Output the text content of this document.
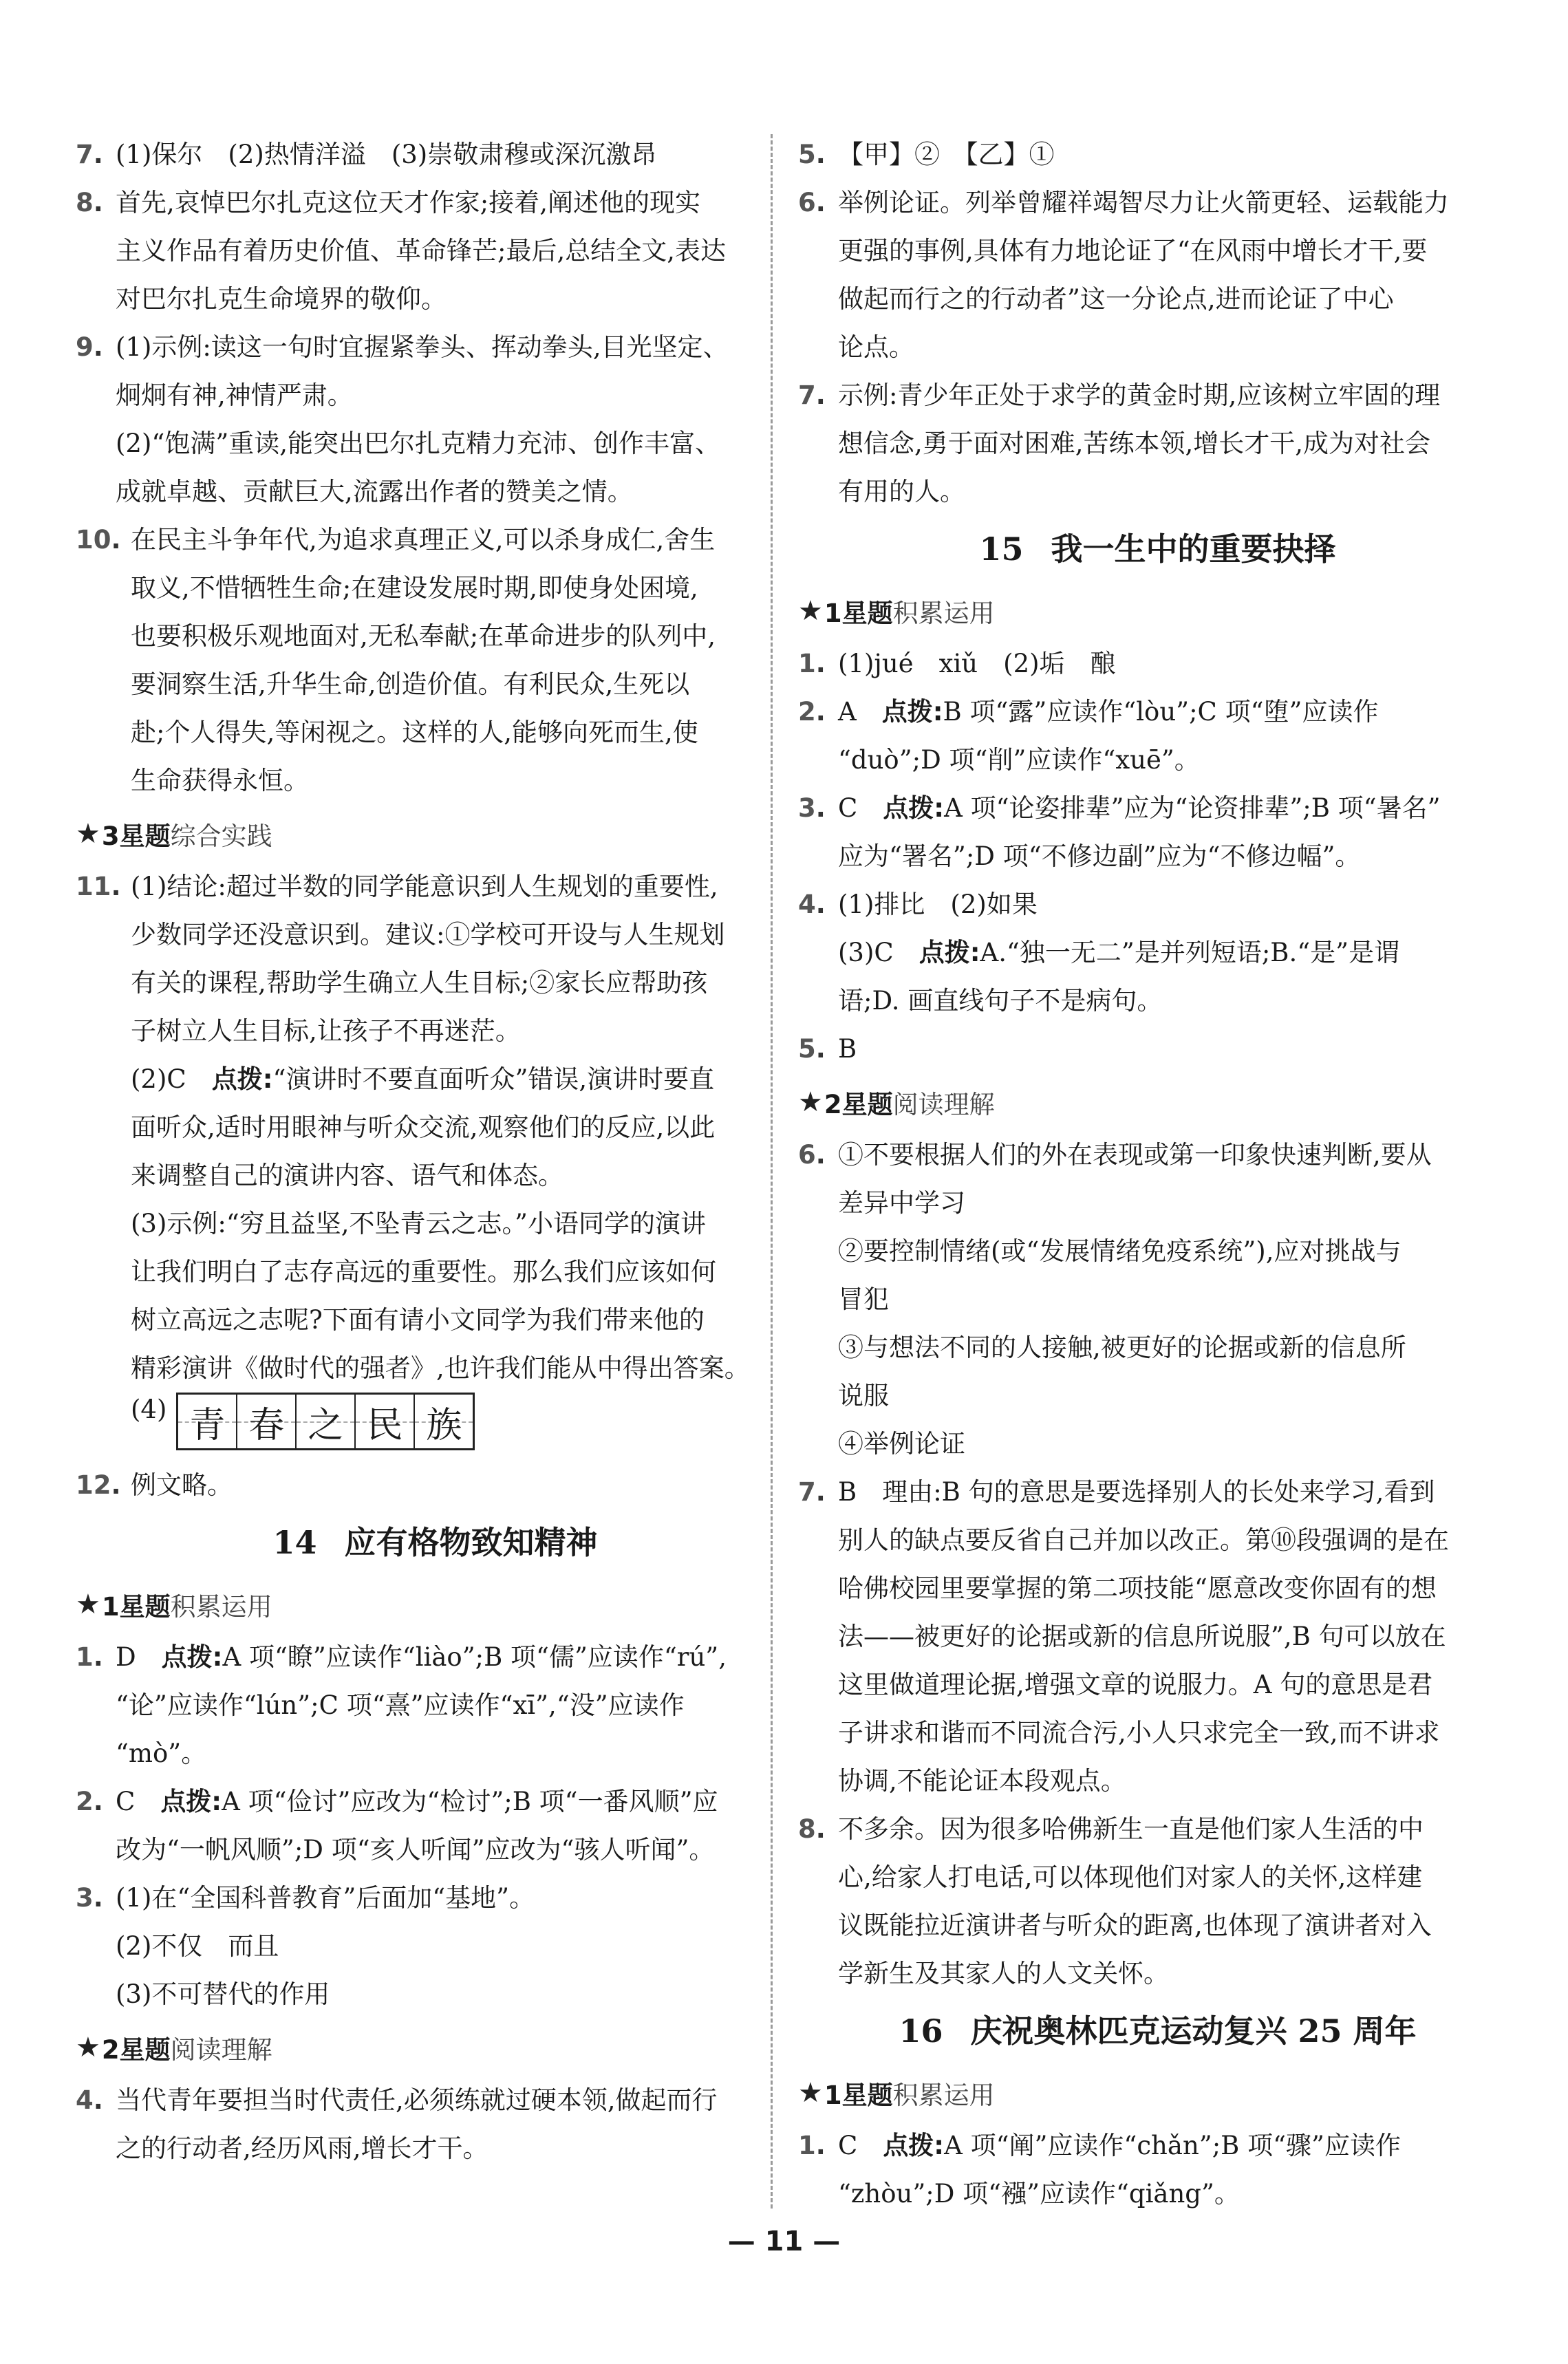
7. (1)保尔　(2)热情洋溢　(3)崇敬肃穆或深沉激昂
8. 首先,哀悼巴尔扎克这位天才作家;接着,阐述他的现实
主义作品有着历史价值、革命锋芒;最后,总结全文,表达
对巴尔扎克生命境界的敬仰。
9. (1)示例:读这一句时宜握紧拳头、挥动拳头,目光坚定、
炯炯有神,神情严肃。
(2)“饱满”重读,能突出巴尔扎克精力充沛、创作丰富、
成就卓越、贡献巨大,流露出作者的赞美之情。
10. 在民主斗争年代,为追求真理正义,可以杀身成仁,舍生
取义,不惜牺牲生命;在建设发展时期,即使身处困境,
也要积极乐观地面对,无私奉献;在革命进步的队列中,
要洞察生活,升华生命,创造价值。有利民众,生死以
赴;个人得失,等闲视之。这样的人,能够向死而生,使
生命获得永恒。
★ 3星题 综合实践
11. (1)结论:超过半数的同学能意识到人生规划的重要性,
少数同学还没意识到。建议:①学校可开设与人生规划
有关的课程,帮助学生确立人生目标;②家长应帮助孩
子树立人生目标,让孩子不再迷茫。
(2)C　 点拨:“演讲时不要直面听众”错误,演讲时要直
面听众,适时用眼神与听众交流,观察他们的反应,以此
来调整自己的演讲内容、语气和体态。
(3)示例:“穷且益坚,不坠青云之志。”小语同学的演讲
让我们明白了志存高远的重要性。那么我们应该如何
树立高远之志呢?下面有请小文同学为我们带来他的
精彩演讲《做时代的强者》,也许我们能从中得出答案。
(4) 青 春 之 民 族
12. 例文略。
14 应有格物致知精神
★ 1星题 积累运用
1. D　 点拨:A 项“瞭”应读作“liào”;B 项“儒”应读作“rú”,
“论”应读作“lún”;C 项“熹”应读作“xī”,“没”应读作
“mò”。
2. C　 点拨:A 项“俭讨”应改为“检讨”;B 项“一番风顺”应
改为“一帆风顺”;D 项“亥人听闻”应改为“骇人听闻”。
3. (1)在“全国科普教育”后面加“基地”。
(2)不仅　而且
(3)不可替代的作用
★ 2星题 阅读理解
4. 当代青年要担当时代责任,必须练就过硬本领,做起而行
之的行动者,经历风雨,增长才干。
5. 【甲】②　【乙】①
6. 举例论证。列举曾耀祥竭智尽力让火箭更轻、运载能力
更强的事例,具体有力地论证了“在风雨中增长才干,要
做起而行之的行动者”这一分论点,进而论证了中心
论点。
7. 示例:青少年正处于求学的黄金时期,应该树立牢固的理
想信念,勇于面对困难,苦练本领,增长才干,成为对社会
有用的人。
15 我一生中的重要抉择
★ 1星题 积累运用
1. (1)jué　xiǔ　(2)垢　酿
2. A　 点拨:B 项“露”应读作“lòu”;C 项“堕”应读作
“duò”;D 项“削”应读作“xuē”。
3. C　 点拨:A 项“论姿排辈”应为“论资排辈”;B 项“暑名”
应为“署名”;D 项“不修边副”应为“不修边幅”。
4. (1)排比　(2)如果
(3)C　 点拨:A.“独一无二”是并列短语;B.“是”是谓
语;D. 画直线句子不是病句。
5. B
★ 2星题 阅读理解
6. ①不要根据人们的外在表现或第一印象快速判断,要从
差异中学习
②要控制情绪(或“发展情绪免疫系统”),应对挑战与
冒犯
③与想法不同的人接触,被更好的论据或新的信息所
说服
④举例论证
7. B　 理由:B 句的意思是要选择别人的长处来学习,看到
别人的缺点要反省自己并加以改正。第⑩段强调的是在
哈佛校园里要掌握的第二项技能“愿意改变你固有的想
法——被更好的论据或新的信息所说服”,B 句可以放在
这里做道理论据,增强文章的说服力。A 句的意思是君
子讲求和谐而不同流合污,小人只求完全一致,而不讲求
协调,不能论证本段观点。
8. 不多余。因为很多哈佛新生一直是他们家人生活的中
心,给家人打电话,可以体现他们对家人的关怀,这样建
议既能拉近演讲者与听众的距离,也体现了演讲者对入
学新生及其家人的人文关怀。
16 庆祝奥林匹克运动复兴 25 周年
★ 1星题 积累运用
1. C　 点拨:A 项“阐”应读作“chǎn”;B 项“骤”应读作
“zhòu”;D 项“襁”应读作“qiǎng”。
— 11 —
